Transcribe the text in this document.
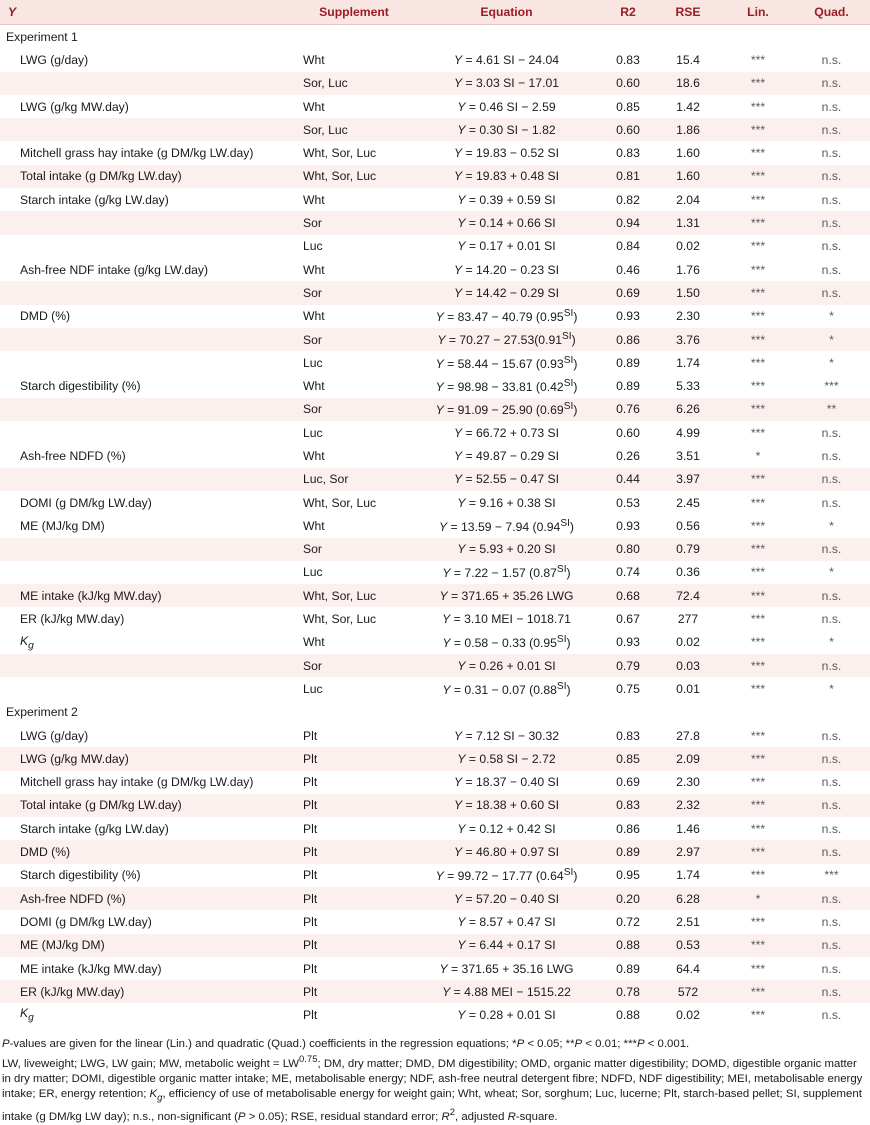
Y	Supplement	Equation	R2	RSE	Lin.	Quad.
Experiment 1						
LWG (g/day)	Wht	Y = 4.61 SI − 24.04	0.83	15.4	***	n.s.
	Sor, Luc	Y = 3.03 SI − 17.01	0.60	18.6	***	n.s.
LWG (g/kg MW.day)	Wht	Y = 0.46 SI − 2.59	0.85	1.42	***	n.s.
	Sor, Luc	Y = 0.30 SI − 1.82	0.60	1.86	***	n.s.
Mitchell grass hay intake (g DM/kg LW.day)	Wht, Sor, Luc	Y = 19.83 − 0.52 SI	0.83	1.60	***	n.s.
Total intake (g DM/kg LW.day)	Wht, Sor, Luc	Y = 19.83 + 0.48 SI	0.81	1.60	***	n.s.
Starch intake (g/kg LW.day)	Wht	Y = 0.39 + 0.59 SI	0.82	2.04	***	n.s.
	Sor	Y = 0.14 + 0.66 SI	0.94	1.31	***	n.s.
	Luc	Y = 0.17 + 0.01 SI	0.84	0.02	***	n.s.
Ash-free NDF intake (g/kg LW.day)	Wht	Y = 14.20 − 0.23 SI	0.46	1.76	***	n.s.
	Sor	Y = 14.42 − 0.29 SI	0.69	1.50	***	n.s.
DMD (%)	Wht	Y = 83.47 − 40.79 $(0.95^{SI})$	0.93	2.30	***	*
	Sor	$Y = 70.27 - 27.53(0.91^{SI})$	0.86	3.76	***	*
	Luc	Y = 58.44 − 15.67 $(0.93^{SI})$	0.89	1.74	***	*
Starch digestibility (%)	Wht	Y = 98.98 − 33.81 $(0.42^{SI})$	0.89	5.33	***	***
	Sor	Y = 91.09 − 25.90 $(0.69^{SI})$	0.76	6.26	***	**
	Luc	Y = 66.72 + 0.73 SI	0.60	4.99	***	n.s.
Ash-free NDFD (%)	Wht	Y = 49.87 − 0.29 SI	0.26	3.51	*	n.s.
	Luc, Sor	Y = 52.55 − 0.47 SI	0.44	3.97	***	n.s.
DOMI (g DM/kg LW.day)	Wht, Sor, Luc	Y = 9.16 + 0.38 SI	0.53	2.45	***	n.s.
ME (MJ/kg DM)	Wht	Y = 13.59 − 7.94 $(0.94^{SI})$	0.93	0.56	***	*
	Sor	Y = 5.93 + 0.20 SI	0.80	0.79	***	n.s.
	Luc	Y = 7.22 − 1.57 $(0.87^{SI})$	0.74	0.36	***	*
ME intake (kJ/kg MW.day)	Wht, Sor, Luc	Y = 371.65 + 35.26 LWG	0.68	72.4	***	n.s.
ER (kJ/kg MW.day)	Wht, Sor, Luc	Y = 3.10 MEI − 1018.71	0.67	277	***	n.s.
$K_g$	Wht	Y = 0.58 − 0.33 $(0.95^{SI})$	0.93	0.02	***	*
	Sor	Y = 0.26 + 0.01 SI	0.79	0.03	***	n.s.
	Luc	Y = 0.31 − 0.07 $(0.88^{SI})$	0.75	0.01	***	*
Experiment 2						
LWG (g/day)	Plt	Y = 7.12 SI − 30.32	0.83	27.8	***	n.s.
LWG (g/kg MW.day)	Plt	Y = 0.58 SI − 2.72	0.85	2.09	***	n.s.
Mitchell grass hay intake (g DM/kg LW.day)	Plt	Y = 18.37 − 0.40 SI	0.69	2.30	***	n.s.
Total intake (g DM/kg LW.day)	Plt	Y = 18.38 + 0.60 SI	0.83	2.32	***	n.s.
Starch intake (g/kg LW.day)	Plt	Y = 0.12 + 0.42 SI	0.86	1.46	***	n.s.
DMD (%)	Plt	Y = 46.80 + 0.97 SI	0.89	2.97	***	n.s.
Starch digestibility (%)	Plt	Y = 99.72 − 17.77 $(0.64^{SI})$	0.95	1.74	***	***
Ash-free NDFD (%)	Plt	Y = 57.20 − 0.40 SI	0.20	6.28	*	n.s.
DOMI (g DM/kg LW.day)	Plt	Y = 8.57 + 0.47 SI	0.72	2.51	***	n.s.
ME (MJ/kg DM)	Plt	Y = 6.44 + 0.17 SI	0.88	0.53	***	n.s.
ME intake (kJ/kg MW.day)	Plt	Y = 371.65 + 35.16 LWG	0.89	64.4	***	n.s.
ER (kJ/kg MW.day)	Plt	Y = 4.88 MEI − 1515.22	0.78	572	***	n.s.
$K_g$	Plt	Y = 0.28 + 0.01 SI	0.88	0.02	***	n.s.

P-values are given for the linear (Lin.) and quadratic (Quad.) coefficients in the regression equations; *P < 0.05; **P < 0.01; ***P < 0.001.

LW, liveweight; LWG, LW gain; MW, metabolic weight = $LW^{0.75}$; DM, dry matter; DMD, DM digestibility; OMD, organic matter digestibility; DOMD, digestible organic matter in dry matter; DOMI, digestible organic matter intake; ME, metabolisable energy; NDF, ash-free neutral detergent fibre; NDFD, NDF digestibility; MEI, metabolisable energy intake; ER, energy retention; $K_g$, efficiency of use of metabolisable energy for weight gain; Wht, wheat; Sor, sorghum; Luc, lucerne; Plt, starch-based pellet; SI, supplement intake (g DM/kg LW day); n.s., non-significant (P > 0.05); RSE, residual standard error; $R^2$, adjusted R-square.
